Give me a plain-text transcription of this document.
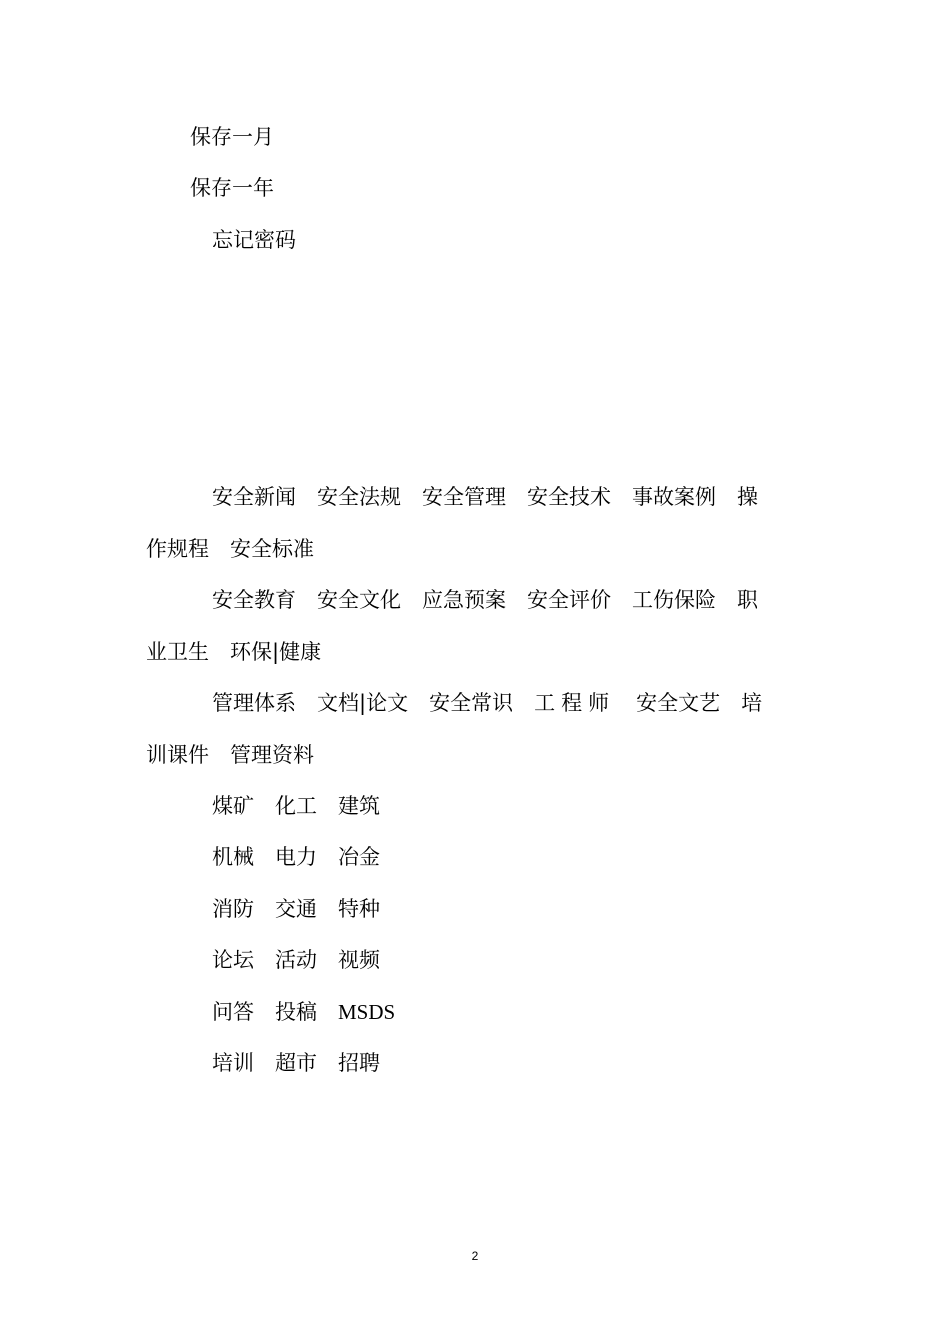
保存一月
保存一年
忘记密码
安全新闻 安全法规 安全管理 安全技术 事故案例 操
作规程 安全标准
安全教育 安全文化 应急预案 安全评价 工伤保险 职
业卫生 环保|健康
管理体系 文档|论文 安全常识 工程师 安全文艺 培
训课件 管理资料
煤矿 化工 建筑
机械 电力 冶金
消防 交通 特种
论坛 活动 视频
问答 投稿 MSDS
培训 超市 招聘
2
